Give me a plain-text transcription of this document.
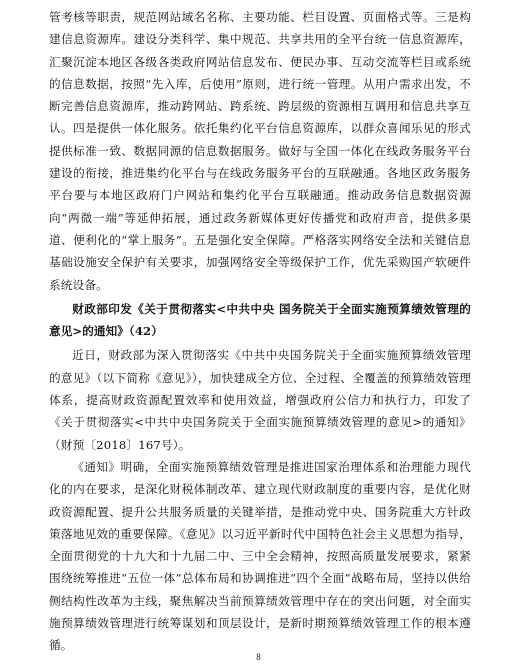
管考核等职责，规范网站域名名称、主要功能、栏目设置、页面格式等。三是构建信息资源库。建设分类科学、集中规范、共享共用的全平台统一信息资源库，汇聚沉淀本地区各级各类政府网站信息发布、便民办事、互动交流等栏目或系统的信息数据，按照“先入库，后使用”原则，进行统一管理。从用户需求出发，不断完善信息资源库，推动跨网站、跨系统、跨层级的资源相互调用和信息共享互认。四是提供一体化服务。依托集约化平台信息资源库，以群众喜闻乐见的形式提供标准一致、数据同源的信息数据服务。做好与全国一体化在线政务服务平台建设的衔接，推进集约化平台与在线政务服务平台的互联融通。各地区政务服务平台要与本地区政府门户网站和集约化平台互联融通。推动政务信息数据资源向“两微一端”等延伸拓展，通过政务新媒体更好传播党和政府声音，提供多渠道、便利化的“掌上服务”。五是强化安全保障。严格落实网络安全法和关键信息基础设施安全保护有关要求，加强网络安全等级保护工作，优先采购国产软硬件系统设备。

财政部印发《关于贯彻落实<中共中央 国务院关于全面实施预算绩效管理的意见>的通知》（42）

近日，财政部为深入贯彻落实《中共中央国务院关于全面实施预算绩效管理的意见》（以下简称《意见》），加快建成全方位、全过程、全覆盖的预算绩效管理体系，提高财政资源配置效率和使用效益，增强政府公信力和执行力，印发了《关于贯彻落实<中共中央国务院关于全面实施预算绩效管理的意见>的通知》（财预〔2018〕167号）。

《通知》明确，全面实施预算绩效管理是推进国家治理体系和治理能力现代化的内在要求，是深化财税体制改革、建立现代财政制度的重要内容，是优化财政资源配置、提升公共服务质量的关键举措，是推动党中央、国务院重大方针政策落地见效的重要保障。《意见》以习近平新时代中国特色社会主义思想为指导，全面贯彻党的十九大和十九届二中、三中全会精神，按照高质量发展要求，紧紧围绕统筹推进“五位一体”总体布局和协调推进“四个全面”战略布局，坚持以供给侧结构性改革为主线，聚焦解决当前预算绩效管理中存在的突出问题，对全面实施预算绩效管理进行统筹谋划和顶层设计，是新时期预算绩效管理工作的根本遵循。

8
